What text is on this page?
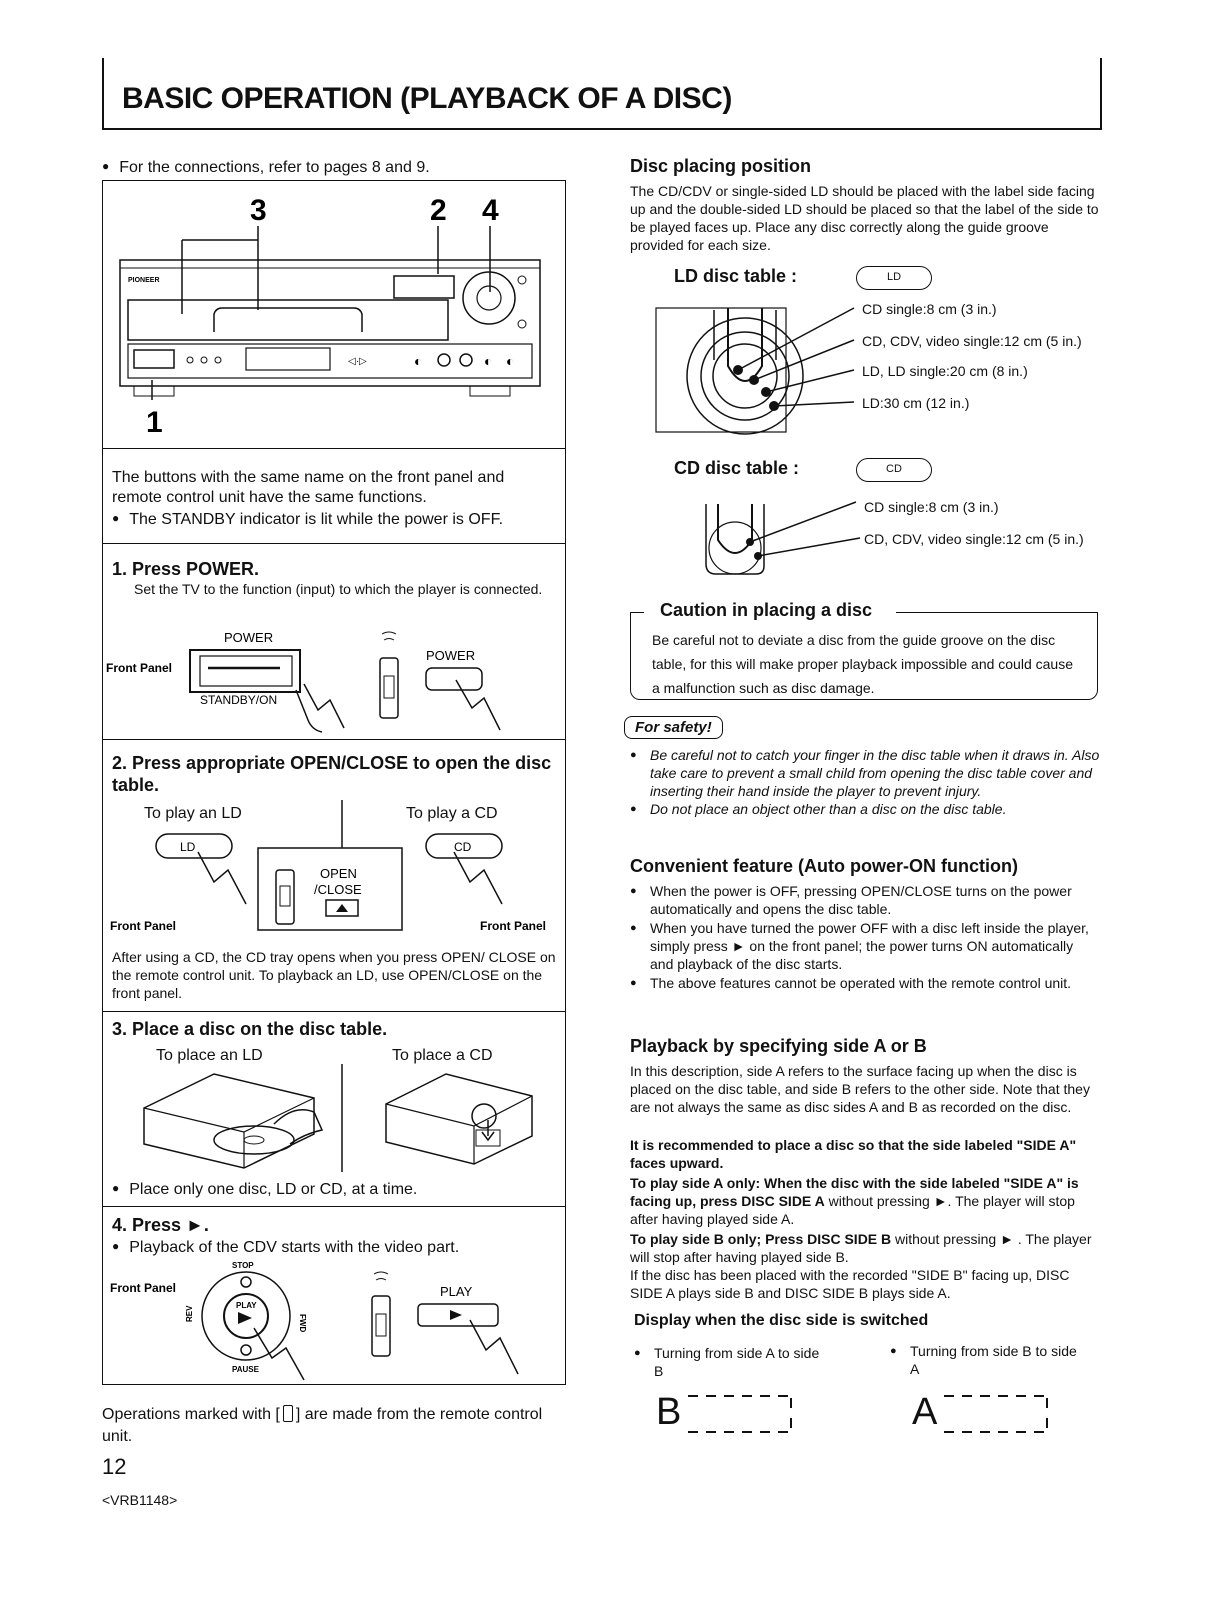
BASIC OPERATION (PLAYBACK OF A DISC)
● For the connections, refer to pages 8 and 9.
3	2 4
1
PIONEER
◁·▷	◐	◐ ◐
The buttons with the same name on the front panel and remote control unit have the same functions.
● The STANDBY indicator is lit while the power is OFF.
1. Press POWER.
Set the TV to the function (input) to which the player is connected.
POWER
Front Panel
STANDBY/ON
POWER
2. Press appropriate OPEN/CLOSE to open the disc table.
To play an LD	To play a CD
LD	CD
OPEN
/CLOSE
Front Panel	Front Panel
After using a CD, the CD tray opens when you press OPEN/ CLOSE on the remote control unit. To playback an LD, use OPEN/CLOSE on the front panel.
3. Place a disc on the disc table.
To place an LD	To place a CD
● Place only one disc, LD or CD, at a time.
4. Press ►.
● Playback of the CDV starts with the video part.
Front Panel
STOP
PLAY
REV
FWD
PAUSE
PLAY
Operations marked with [ ] are made from the remote control unit.
12
<VRB1148>
Disc placing position
The CD/CDV or single-sided LD should be placed with the label side facing up and the double-sided LD should be placed so that the label of the side to be played faces up. Place any disc correctly along the guide groove provided for each size.
LD disc table :	LD
CD single:8 cm (3 in.)
CD, CDV, video single:12 cm (5 in.)
LD, LD single:20 cm (8 in.)
LD:30 cm (12 in.)
CD disc table :	CD
CD single:8 cm (3 in.)
CD, CDV, video single:12 cm (5 in.)
Caution in placing a disc
Be careful not to deviate a disc from the guide groove on the disc table, for this will make proper playback impossible and could cause a malfunction such as disc damage.
For safety!
● Be careful not to catch your finger in the disc table when it draws in. Also take care to prevent a small child from opening the disc table cover and inserting their hand inside the player to prevent injury.
● Do not place an object other than a disc on the disc table.
Convenient feature (Auto power-ON function)
● When the power is OFF, pressing OPEN/CLOSE turns on the power automatically and opens the disc table.
● When you have turned the power OFF with a disc left inside the player, simply press ► on the front panel; the power turns ON automatically and playback of the disc starts.
● The above features cannot be operated with the remote control unit.
Playback by specifying side A or B
In this description, side A refers to the surface facing up when the disc is placed on the disc table, and side B refers to the other side. Note that they are not always the same as disc sides A and B as recorded on the disc.
It is recommended to place a disc so that the side labeled "SIDE A" faces upward.
To play side A only: When the disc with the side labeled "SIDE A" is facing up, press DISC SIDE A without pressing ►. The player will stop after having played side A.
To play side B only; Press DISC SIDE B without pressing ► . The player will stop after having played side B.
If the disc has been placed with the recorded "SIDE B" facing up, DISC SIDE A plays side B and DISC SIDE B plays side A.
Display when the disc side is switched
● Turning from side A to side B
● Turning from side B to side A
B	A
